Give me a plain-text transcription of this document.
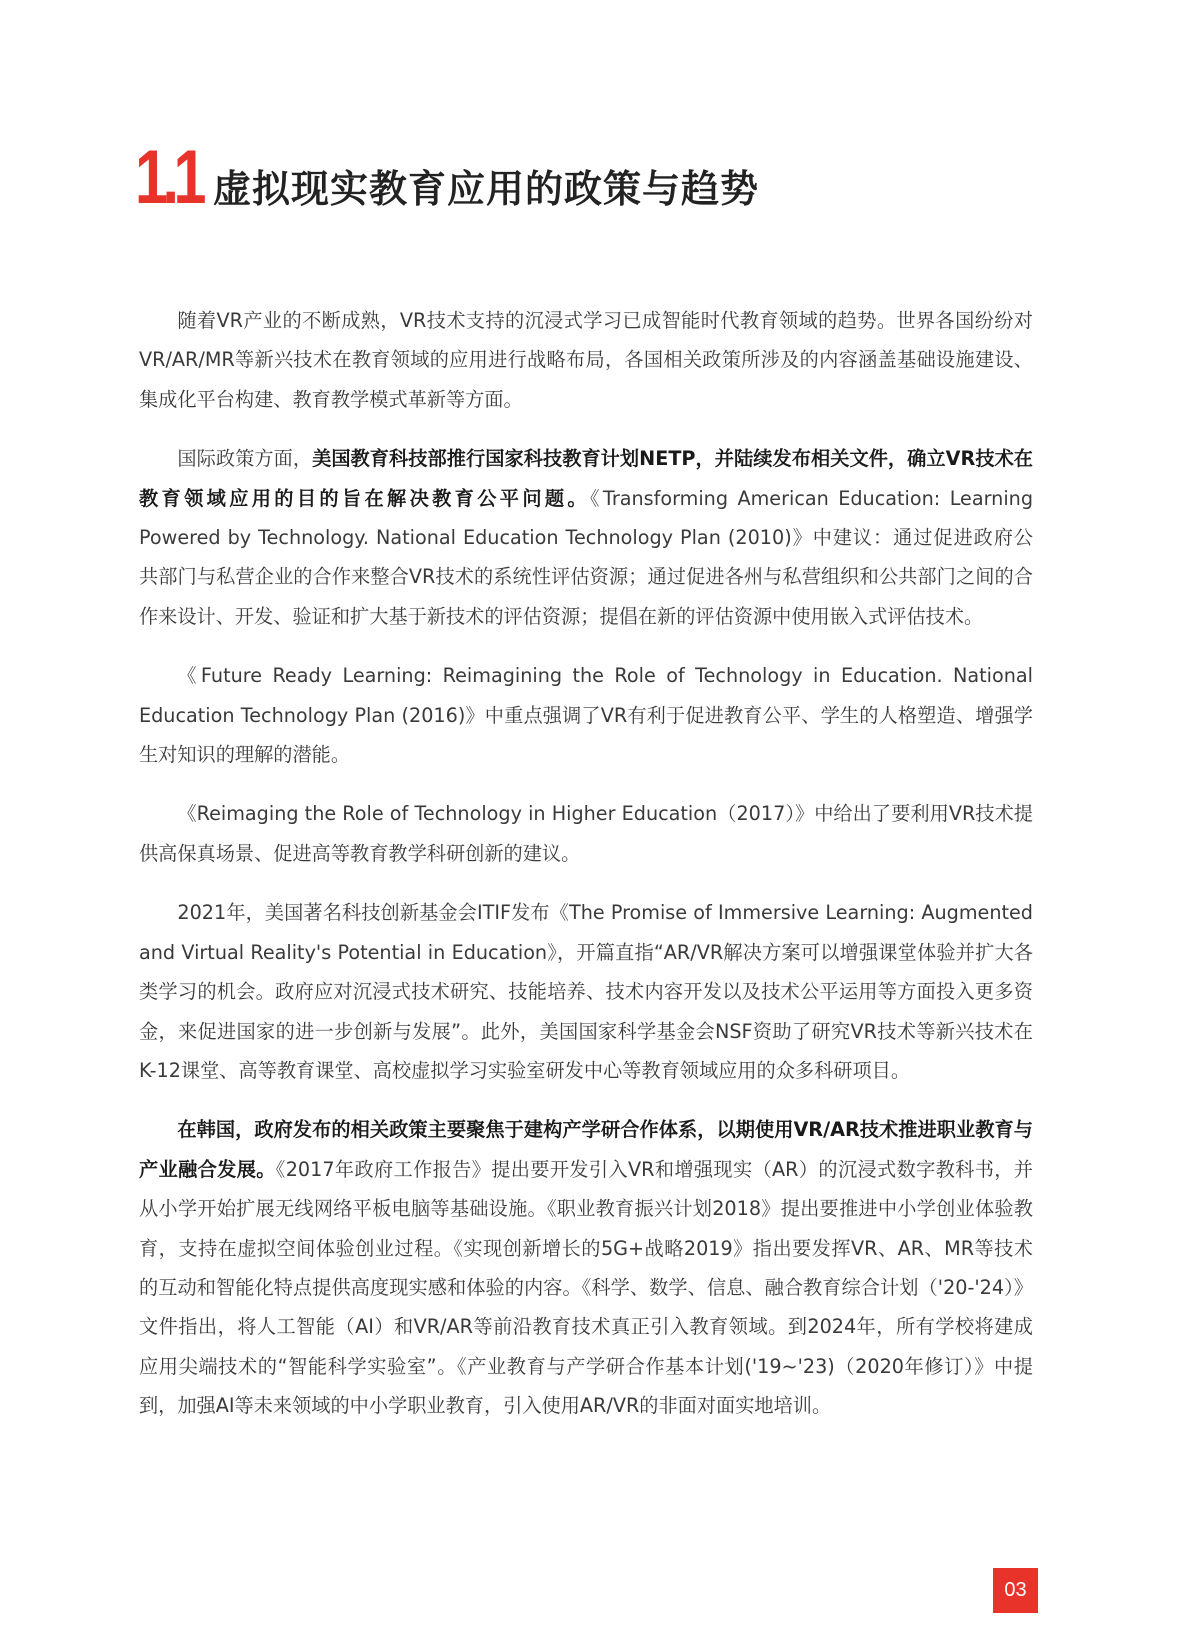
1.1 虚拟现实教育应用的政策与趋势

随着VR产业的不断成熟，VR技术支持的沉浸式学习已成智能时代教育领域的趋势。世界各国纷纷对VR/AR/MR等新兴技术在教育领域的应用进行战略布局，各国相关政策所涉及的内容涵盖基础设施建设、集成化平台构建、教育教学模式革新等方面。

国际政策方面，美国教育科技部推行国家科技教育计划NETP，并陆续发布相关文件，确立VR技术在教育领域应用的目的旨在解决教育公平问题。《Transforming American Education: Learning Powered by Technology. National Education Technology Plan (2010)》中建议：通过促进政府公共部门与私营企业的合作来整合VR技术的系统性评估资源；通过促进各州与私营组织和公共部门之间的合作来设计、开发、验证和扩大基于新技术的评估资源；提倡在新的评估资源中使用嵌入式评估技术。

《Future Ready Learning: Reimagining the Role of Technology in Education. National Education Technology Plan (2016)》中重点强调了VR有利于促进教育公平、学生的人格塑造、增强学生对知识的理解的潜能。

《Reimaging the Role of Technology in Higher Education（2017）》中给出了要利用VR技术提供高保真场景、促进高等教育教学科研创新的建议。

2021年，美国著名科技创新基金会ITIF发布《The Promise of Immersive Learning: Augmented and Virtual Reality's Potential in Education》，开篇直指“AR/VR解决方案可以增强课堂体验并扩大各类学习的机会。政府应对沉浸式技术研究、技能培养、技术内容开发以及技术公平运用等方面投入更多资金，来促进国家的进一步创新与发展”。此外，美国国家科学基金会NSF资助了研究VR技术等新兴技术在K-12课堂、高等教育课堂、高校虚拟学习实验室研发中心等教育领域应用的众多科研项目。

在韩国，政府发布的相关政策主要聚焦于建构产学研合作体系，以期使用VR/AR技术推进职业教育与产业融合发展。《2017年政府工作报告》提出要开发引入VR和增强现实（AR）的沉浸式数字教科书，并从小学开始扩展无线网络平板电脑等基础设施。《职业教育振兴计划2018》提出要推进中小学创业体验教育，支持在虚拟空间体验创业过程。《实现创新增长的5G+战略2019》指出要发挥VR、AR、MR等技术的互动和智能化特点提供高度现实感和体验的内容。《科学、数学、信息、融合教育综合计划（'20-'24）》文件指出，将人工智能（AI）和VR/AR等前沿教育技术真正引入教育领域。到2024年，所有学校将建成应用尖端技术的“智能科学实验室”。《产业教育与产学研合作基本计划('19~'23)（2020年修订）》中提到，加强AI等未来领域的中小学职业教育，引入使用AR/VR的非面对面实地培训。

03
